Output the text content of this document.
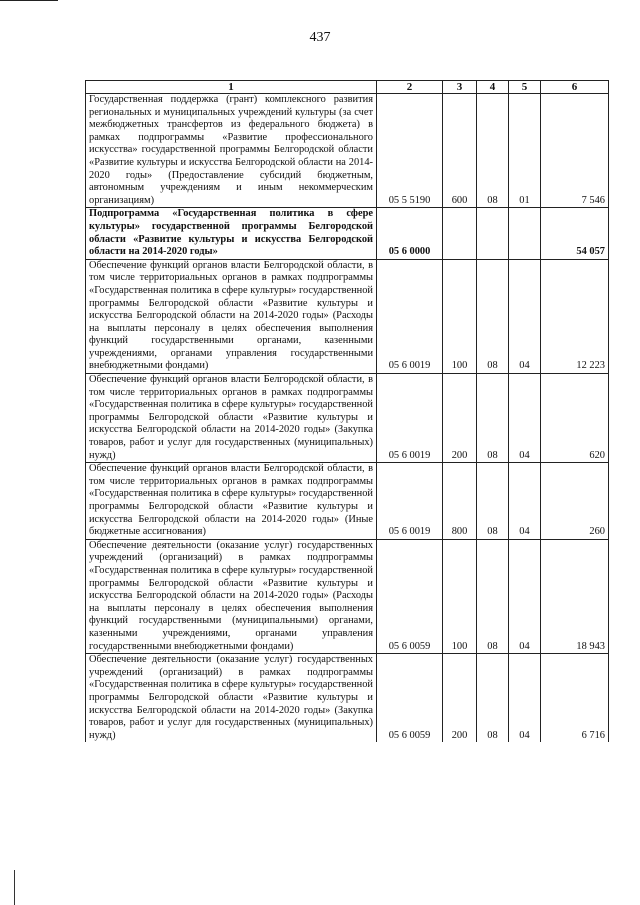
437
1	2	3	4	5	6
Государственная поддержка (грант) комплексного развития региональных и муниципальных учреждений культуры (за счет межбюджетных трансфертов из федерального бюджета) в рамках подпрограммы «Развитие профессионального искусства» государственной программы Белгородской области «Развитие культуры и искусства Белгородской области на 2014-2020 годы» (Предоставление субсидий бюджетным, автономным учреждениям и иным некоммерческим организациям)	05 5 5190	600	08	01	7 546
Подпрограмма «Государственная политика в сфере культуры» государственной программы Белгородской области «Развитие культуры и искусства Белгородской области на 2014-2020 годы»	05 6 0000				54 057
Обеспечение функций органов власти Белгородской области, в том числе территориальных органов в рамках подпрограммы «Государственная политика в сфере культуры» государственной программы Белгородской области «Развитие культуры и искусства Белгородской области на 2014-2020 годы» (Расходы на выплаты персоналу в целях обеспечения выполнения функций государственными органами, казенными учреждениями, органами управления государственными внебюджетными фондами)	05 6 0019	100	08	04	12 223
Обеспечение функций органов власти Белгородской области, в том числе территориальных органов в рамках подпрограммы «Государственная политика в сфере культуры» государственной программы Белгородской области «Развитие культуры и искусства Белгородской области на 2014-2020 годы» (Закупка товаров, работ и услуг для государственных (муниципальных) нужд)	05 6 0019	200	08	04	620
Обеспечение функций органов власти Белгородской области, в том числе территориальных органов в рамках подпрограммы «Государственная политика в сфере культуры» государственной программы Белгородской области «Развитие культуры и искусства Белгородской области на 2014-2020 годы» (Иные бюджетные ассигнования)	05 6 0019	800	08	04	260
Обеспечение деятельности (оказание услуг) государственных учреждений (организаций) в рамках подпрограммы «Государственная политика в сфере культуры» государственной программы Белгородской области «Развитие культуры и искусства Белгородской области на 2014-2020 годы» (Расходы на выплаты персоналу в целях обеспечения выполнения функций государственными (муниципальными) органами, казенными учреждениями, органами управления государственными внебюджетными фондами)	05 6 0059	100	08	04	18 943
Обеспечение деятельности (оказание услуг) государственных учреждений (организаций) в рамках подпрограммы «Государственная политика в сфере культуры» государственной программы Белгородской области «Развитие культуры и искусства Белгородской области на 2014-2020 годы» (Закупка товаров, работ и услуг для государственных (муниципальных) нужд)	05 6 0059	200	08	04	6 716
